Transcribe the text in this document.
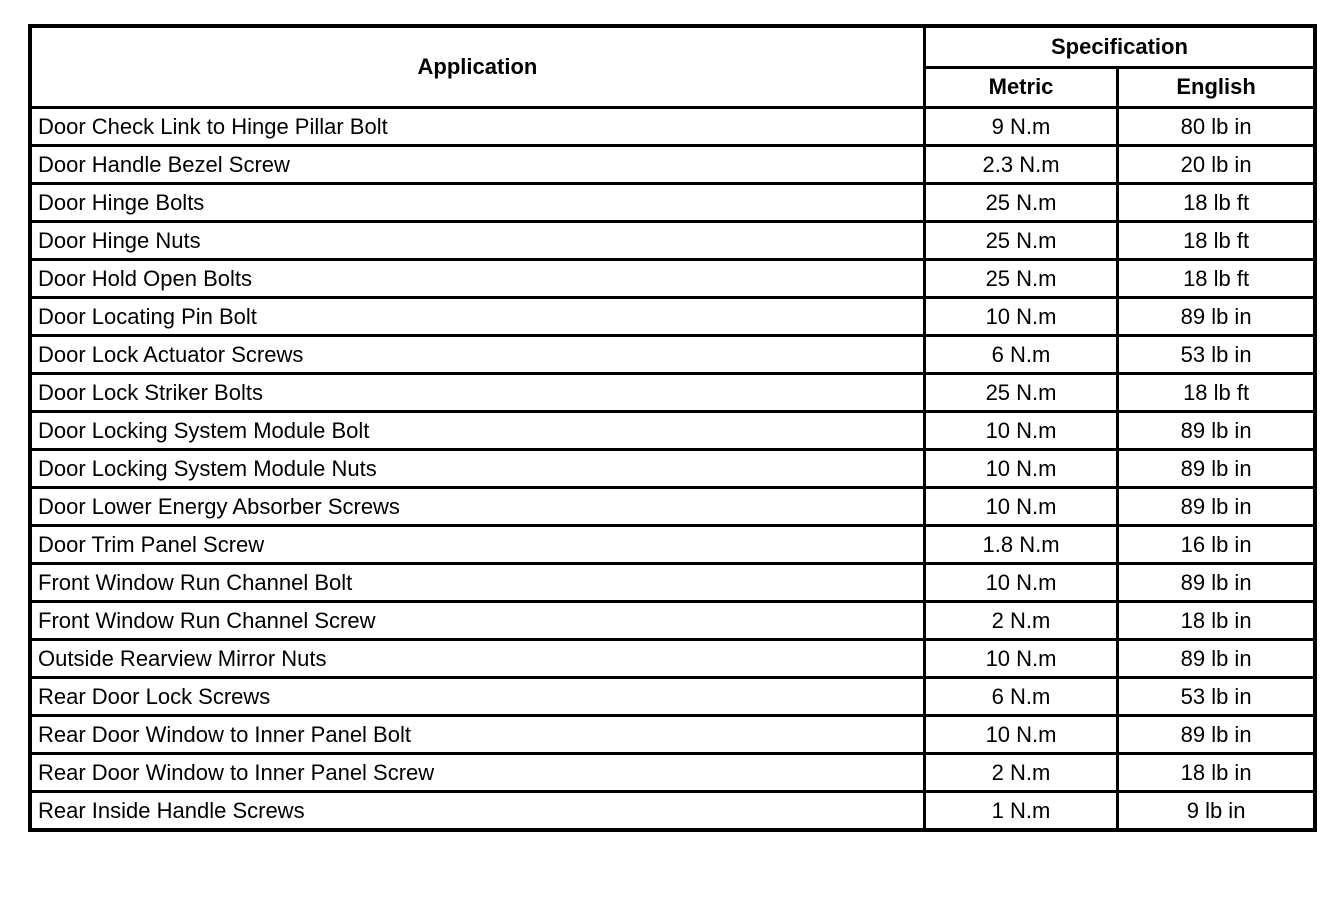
Application	Specification	
	Metric	English
Door Check Link to Hinge Pillar Bolt	9 N.m	80 lb in
Door Handle Bezel Screw	2.3 N.m	20 lb in
Door Hinge Bolts	25 N.m	18 lb ft
Door Hinge Nuts	25 N.m	18 lb ft
Door Hold Open Bolts	25 N.m	18 lb ft
Door Locating Pin Bolt	10 N.m	89 lb in
Door Lock Actuator Screws	6 N.m	53 lb in
Door Lock Striker Bolts	25 N.m	18 lb ft
Door Locking System Module Bolt	10 N.m	89 lb in
Door Locking System Module Nuts	10 N.m	89 lb in
Door Lower Energy Absorber Screws	10 N.m	89 lb in
Door Trim Panel Screw	1.8 N.m	16 lb in
Front Window Run Channel Bolt	10 N.m	89 lb in
Front Window Run Channel Screw	2 N.m	18 lb in
Outside Rearview Mirror Nuts	10 N.m	89 lb in
Rear Door Lock Screws	6 N.m	53 lb in
Rear Door Window to Inner Panel Bolt	10 N.m	89 lb in
Rear Door Window to Inner Panel Screw	2 N.m	18 lb in
Rear Inside Handle Screws	1 N.m	9 lb in
